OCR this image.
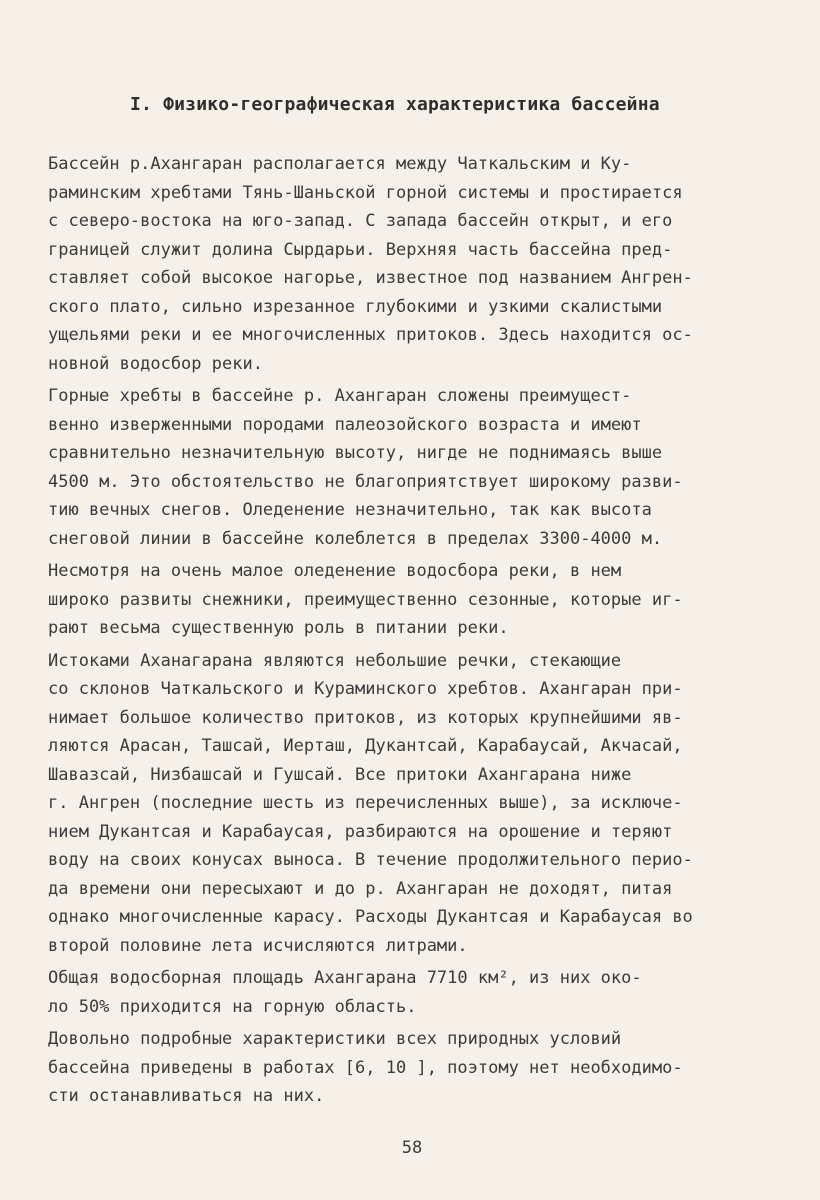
I. Физико-географическая характеристика бассейна
Бассейн р.Ахангаран располагается между Чаткальским и Ку-
раминским хребтами Тянь-Шаньской горной системы и простирается
с северо-востока на юго-запад. С запада бассейн открыт, и его
границей служит долина Сырдарьи. Верхняя часть бассейна пред-
ставляет собой высокое нагорье, известное под названием Ангрен-
ского плато, сильно изрезанное глубокими и узкими скалистыми
ущельями реки и ее многочисленных притоков. Здесь находится ос-
новной водосбор реки.
Горные хребты в бассейне р. Ахангаран сложены преимущест-
венно изверженными породами палеозойского возраста и имеют
сравнительно незначительную высоту, нигде не поднимаясь выше
4500 м. Это обстоятельство не благоприятствует широкому разви-
тию вечных снегов. Оледенение незначительно, так как высота
снеговой линии в бассейне колеблется в пределах 3300-4000 м.
Несмотря на очень малое оледенение водосбора реки, в нем
широко развиты снежники, преимущественно сезонные, которые иг-
рают весьма существенную роль в питании реки.
Истоками Аханагарана являются небольшие речки, стекающие
со склонов Чаткальского и Кураминского хребтов. Ахангаран при-
нимает большое количество притоков, из которых крупнейшими яв-
ляются Арасан, Ташсай, Иерташ, Дукантсай, Карабаусай, Акчасай,
Шавазсай, Низбашсай и Гушсай. Все притоки Ахангарана ниже
г. Ангрен (последние шесть из перечисленных выше), за исключе-
нием Дукантсая и Карабаусая, разбираются на орошение и теряют
воду на своих конусах выноса. В течение продолжительного перио-
да времени они пересыхают и до р. Ахангаран не доходят, питая
однако многочисленные карасу. Расходы Дукантсая и Карабаусая во
второй половине лета исчисляются литрами.
Общая водосборная площадь Ахангарана 7710 км², из них око-
ло 50% приходится на горную область.
Довольно подробные характеристики всех природных условий
бассейна приведены в работах [6, 10 ], поэтому нет необходимо-
сти останавливаться на них.
58
